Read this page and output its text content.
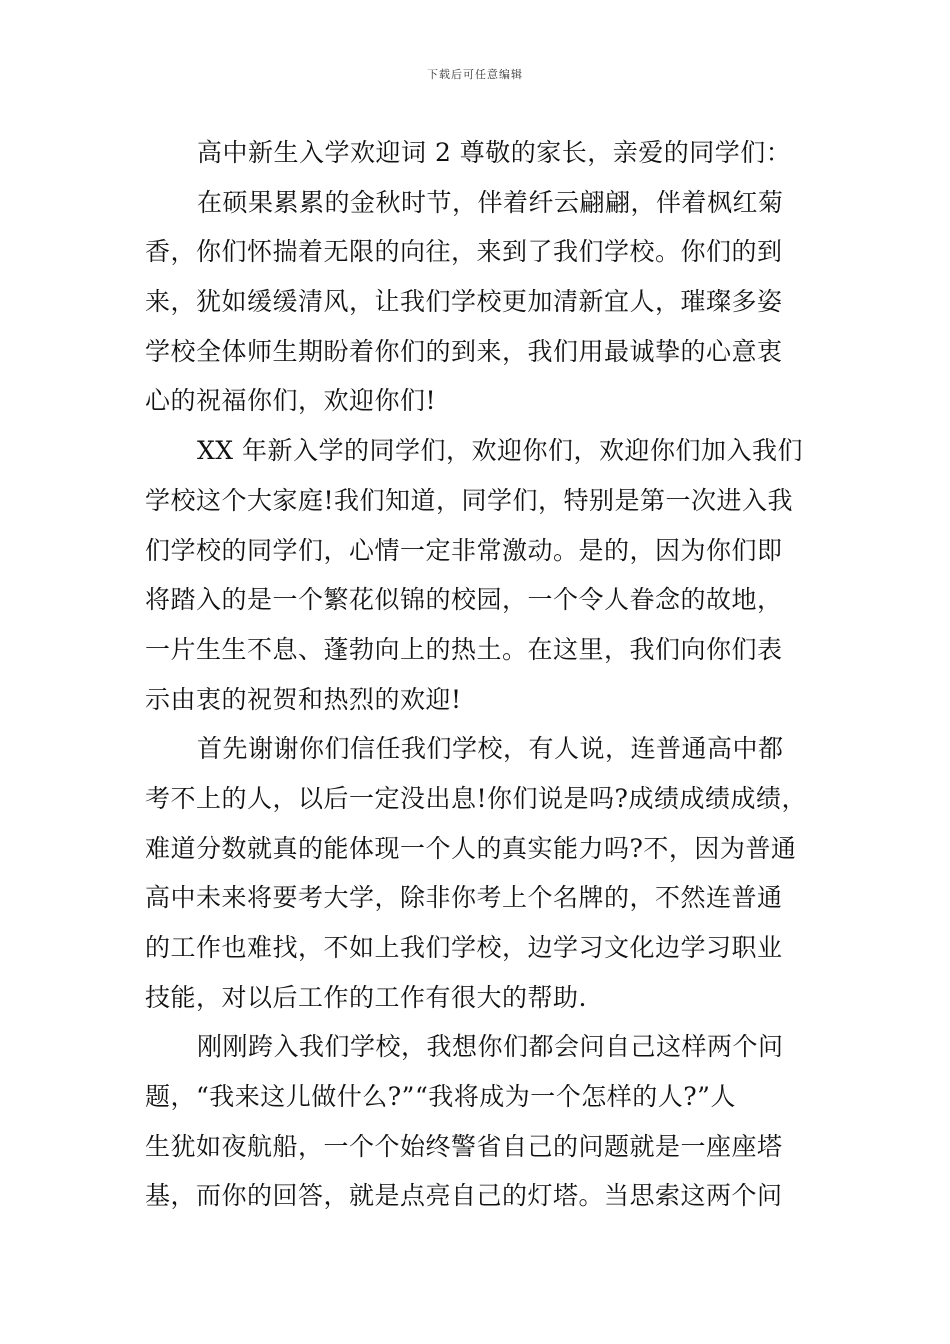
下载后可任意编辑
高中新生入学欢迎词 2 尊敬的家长，亲爱的同学们：
在硕果累累的金秋时节，伴着纤云翩翩，伴着枫红菊
香，你们怀揣着无限的向往，来到了我们学校。你们的到
来，犹如缓缓清风，让我们学校更加清新宜人，璀璨多姿
学校全体师生期盼着你们的到来，我们用最诚挚的心意衷
心的祝福你们，欢迎你们!
XX 年新入学的同学们，欢迎你们，欢迎你们加入我们
学校这个大家庭!我们知道，同学们，特别是第一次进入我
们学校的同学们，心情一定非常激动。是的，因为你们即
将踏入的是一个繁花似锦的校园，一个令人眷念的故地，
一片生生不息、蓬勃向上的热土。在这里，我们向你们表
示由衷的祝贺和热烈的欢迎!
首先谢谢你们信任我们学校，有人说，连普通高中都
考不上的人，以后一定没出息!你们说是吗?成绩成绩成绩，
难道分数就真的能体现一个人的真实能力吗?不，因为普通
高中未来将要考大学，除非你考上个名牌的，不然连普通
的工作也难找，不如上我们学校，边学习文化边学习职业
技能，对以后工作的工作有很大的帮助.
刚刚跨入我们学校，我想你们都会问自己这样两个问
题，“我来这儿做什么?”“我将成为一个怎样的人?”人
生犹如夜航船，一个个始终警省自己的问题就是一座座塔
基，而你的回答，就是点亮自己的灯塔。当思索这两个问
